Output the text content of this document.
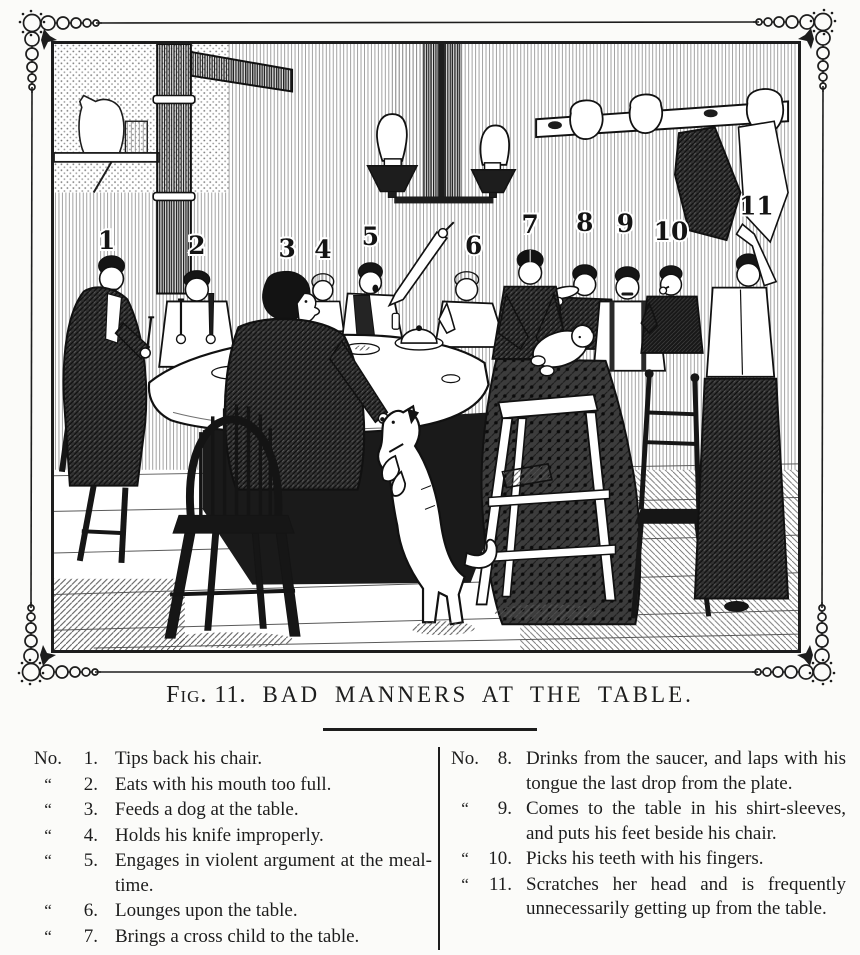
1	2	3 4 5	6
7 8 9 10
11
Fig. 11. BAD MANNERS AT THE TABLE.
No.	1. Tips back his chair.
“	2. Eats with his mouth too full.
“	3. Feeds a dog at the table.
“	4. Holds his knife improperly.
“	5. Engages in violent argument at the meal-time.
“	6. Lounges upon the table.
“	7. Brings a cross child to the table.
No. 8. Drinks from the saucer, and laps with his tongue the last drop from the plate.
“	9. Comes to the table in his shirt-sleeves, and puts his feet beside his chair.
“	10. Picks his teeth with his fingers.
“	11. Scratches her head and is frequently unnecessarily getting up from the table.
